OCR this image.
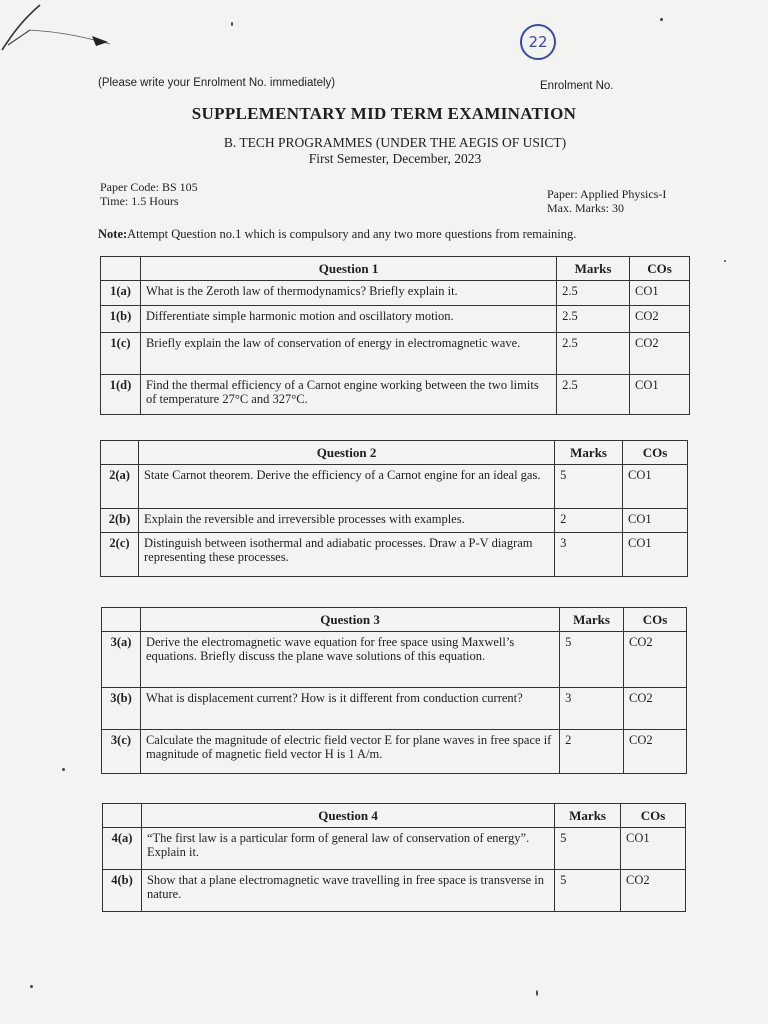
22
(Please write your Enrolment No. immediately)	Enrolment No.
SUPPLEMENTARY MID TERM EXAMINATION
B. TECH PROGRAMMES (UNDER THE AEGIS OF USICT)
First Semester, December, 2023
Paper Code: BS 105
Time: 1.5 Hours	Paper: Applied Physics-I
Max. Marks: 30
Note:Attempt Question no.1 which is compulsory and any two more questions from remaining.
	Question 1	Marks	COs
1(a)	What is the Zeroth law of thermodynamics? Briefly explain it.	2.5	CO1
1(b)	Differentiate simple harmonic motion and oscillatory motion.	2.5	CO2
1(c)	Briefly explain the law of conservation of energy in electromagnetic wave.	2.5	CO2
1(d)	Find the thermal efficiency of a Carnot engine working between the two limits of temperature 27°C and 327°C.	2.5	CO1
	Question 2	Marks	COs
2(a)	State Carnot theorem. Derive the efficiency of a Carnot engine for an ideal gas.	5	CO1
2(b)	Explain the reversible and irreversible processes with examples.	2	CO1
2(c)	Distinguish between isothermal and adiabatic processes. Draw a P-V diagram representing these processes.	3	CO1
	Question 3	Marks	COs
3(a)	Derive the electromagnetic wave equation for free space using Maxwell’s equations. Briefly discuss the plane wave solutions of this equation.	5	CO2
3(b)	What is displacement current? How is it different from conduction current?	3	CO2
3(c)	Calculate the magnitude of electric field vector E for plane waves in free space if magnitude of magnetic field vector H is 1 A/m.	2	CO2
	Question 4	Marks	COs
4(a)	“The first law is a particular form of general law of conservation of energy”. Explain it.	5	CO1
4(b)	Show that a plane electromagnetic wave travelling in free space is transverse in nature.	5	CO2
